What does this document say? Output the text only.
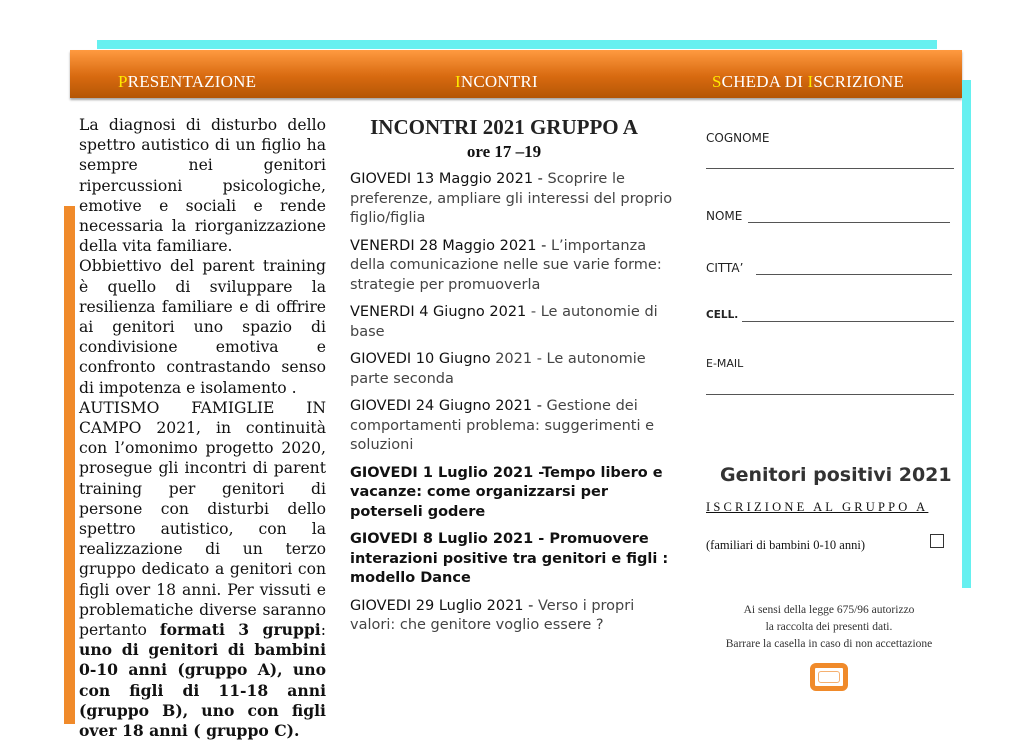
PRESENTAZIONE	INCONTRI	SCHEDA DI ISCRIZIONE

La diagnosi di disturbo dello spettro autistico di un figlio ha sempre nei genitori ripercussioni psicologiche, emotive e sociali e rende necessaria la riorganizzazione della vita familiare.

Obbiettivo del parent training è quello di sviluppare la resilienza familiare e di offrire ai genitori uno spazio di condivisione emotiva e confronto contrastando senso di impotenza e isolamento .

AUTISMO FAMIGLIE IN CAMPO 2021, in continuità con l’omonimo progetto 2020, prosegue gli incontri di parent training per genitori di persone con disturbi dello spettro autistico, con la realizzazione di un terzo gruppo dedicato a genitori con figli over 18 anni. Per vissuti e problematiche diverse saranno pertanto formati 3 gruppi: uno di genitori di bambini 0-10 anni (gruppo A), uno con figli di 11-18 anni (gruppo B), uno con figli over 18 anni ( gruppo C).

INCONTRI 2021 GRUPPO A
ore 17 –19
GIOVEDI 13 Maggio 2021 - Scoprire le preferenze, ampliare gli interessi del proprio figlio/figlia
VENERDI 28 Maggio 2021 - L’importanza della comunicazione nelle sue varie forme: strategie per promuoverla
VENERDI 4 Giugno 2021 - Le autonomie di base
GIOVEDI 10 Giugno 2021 - Le autonomie parte seconda
GIOVEDI 24 Giugno 2021 - Gestione dei comportamenti problema: suggerimenti e soluzioni
GIOVEDI 1 Luglio 2021 -Tempo libero e vacanze: come organizzarsi per poterseli godere
GIOVEDI 8 Luglio 2021 - Promuovere interazioni positive tra genitori e figli : modello Dance
GIOVEDI 29 Luglio 2021 - Verso i propri valori: che genitore voglio essere ?
COGNOME
NOME
CITTA’
CELL.
E-MAIL
Genitori positivi 2021
ISCRIZIONE AL GRUPPO A
(familiari di bambini 0-10 anni)
Ai sensi della legge 675/96 autorizzo
la raccolta dei presenti dati.
Barrare la casella in caso di non accettazione
